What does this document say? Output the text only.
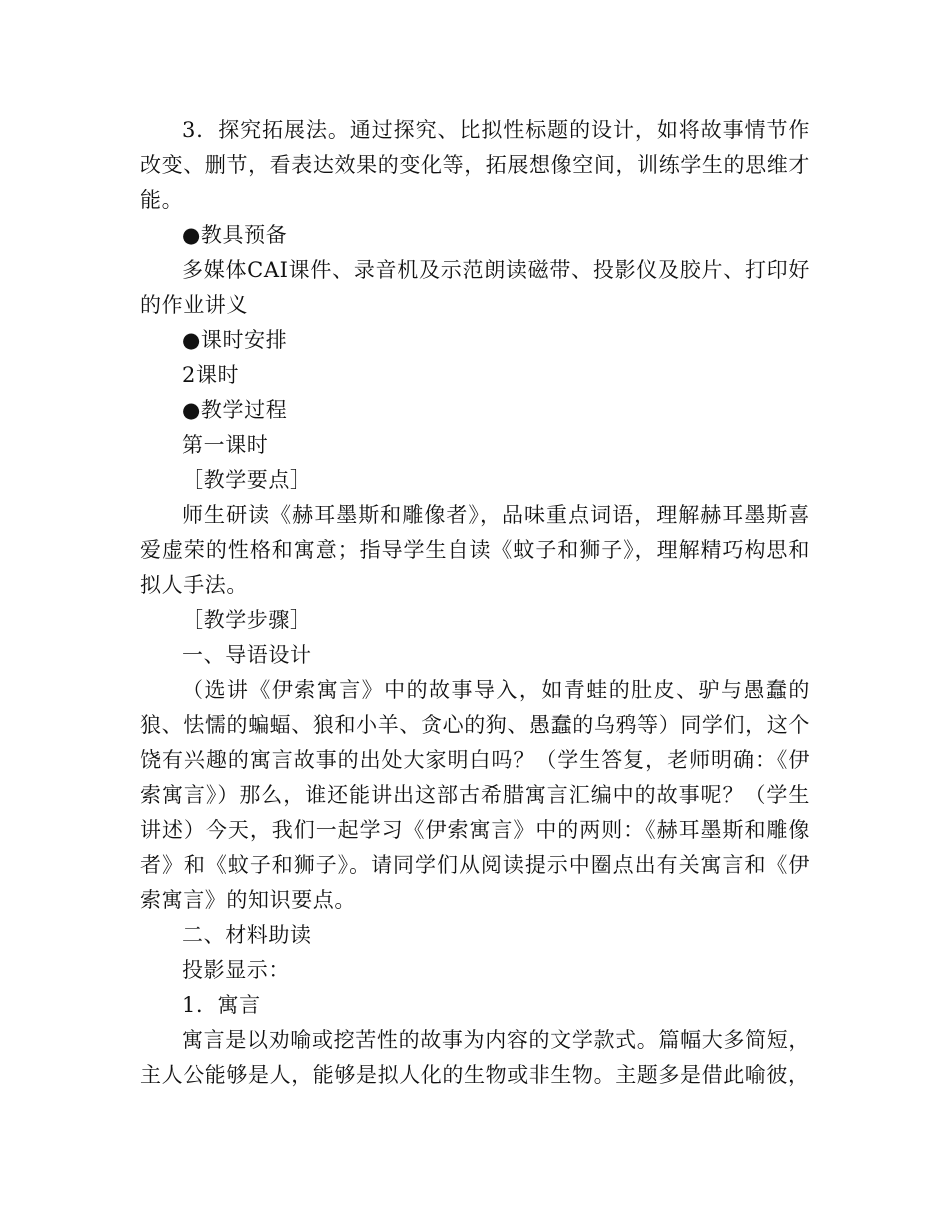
3．探究拓展法。通过探究、比拟性标题的设计，如将故事情节作改变、删节，看表达效果的变化等，拓展想像空间，训练学生的思维才能。

●教具预备

多媒体CAI课件、录音机及示范朗读磁带、投影仪及胶片、打印好的作业讲义

●课时安排

2课时

●教学过程

第一课时

［教学要点］

师生研读《赫耳墨斯和雕像者》，品味重点词语，理解赫耳墨斯喜爱虚荣的性格和寓意；指导学生自读《蚊子和狮子》，理解精巧构思和拟人手法。

［教学步骤］

一、导语设计

（选讲《伊索寓言》中的故事导入，如青蛙的肚皮、驴与愚蠢的狼、怯懦的蝙蝠、狼和小羊、贪心的狗、愚蠢的乌鸦等）同学们，这个饶有兴趣的寓言故事的出处大家明白吗？（学生答复，老师明确：《伊索寓言》）那么，谁还能讲出这部古希腊寓言汇编中的故事呢？（学生讲述）今天，我们一起学习《伊索寓言》中的两则：《赫耳墨斯和雕像者》和《蚊子和狮子》。请同学们从阅读提示中圈点出有关寓言和《伊索寓言》的知识要点。

二、材料助读

投影显示：

1．寓言

寓言是以劝喻或挖苦性的故事为内容的文学款式。篇幅大多简短，主人公能够是人，能够是拟人化的生物或非生物。主题多是借此喻彼，
